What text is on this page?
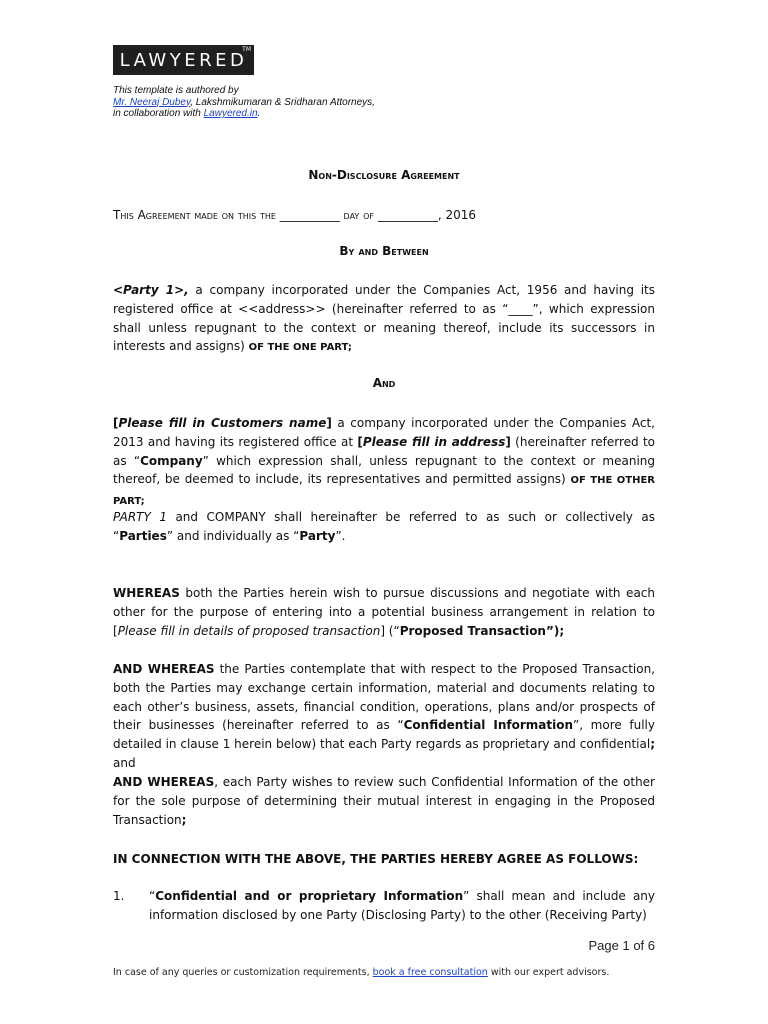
LAWYERED
TM
This template is authored by
Mr. Neeraj Dubey, Lakshmikumaran & Sridharan Attorneys,
in collaboration with Lawyered.in.
Non-Disclosure Agreement
This Agreement made on this the __________ day of __________, 2016
By and Between
<Party 1>, a company incorporated under the Companies Act, 1956 and having its registered office at <<address>> (hereinafter referred to as “____”, which expression shall unless repugnant to the context or meaning thereof, include its successors in interests and assigns) OF THE ONE PART;
And
[Please fill in Customers name] a company incorporated under the Companies Act, 2013 and having its registered office at [Please fill in address] (hereinafter referred to as “Company” which expression shall, unless repugnant to the context or meaning thereof, be deemed to include, its representatives and permitted assigns) OF THE OTHER PART;
PARTY 1 and COMPANY shall hereinafter be referred to as such or collectively as “Parties” and individually as “Party”.
WHEREAS both the Parties herein wish to pursue discussions and negotiate with each other for the purpose of entering into a potential business arrangement in relation to [Please fill in details of proposed transaction] (“Proposed Transaction”);
AND WHEREAS the Parties contemplate that with respect to the Proposed Transaction, both the Parties may exchange certain information, material and documents relating to each other’s business, assets, financial condition, operations, plans and/or prospects of their businesses (hereinafter referred to as “Confidential Information”, more fully detailed in clause 1 herein below) that each Party regards as proprietary and confidential; and
AND WHEREAS, each Party wishes to review such Confidential Information of the other for the sole purpose of determining their mutual interest in engaging in the Proposed Transaction;
IN CONNECTION WITH THE ABOVE, THE PARTIES HEREBY AGREE AS FOLLOWS:
1. “Confidential and or proprietary Information” shall mean and include any information disclosed by one Party (Disclosing Party) to the other (Receiving Party)
Page 1 of 6
In case of any queries or customization requirements, book a free consultation with our expert advisors.
